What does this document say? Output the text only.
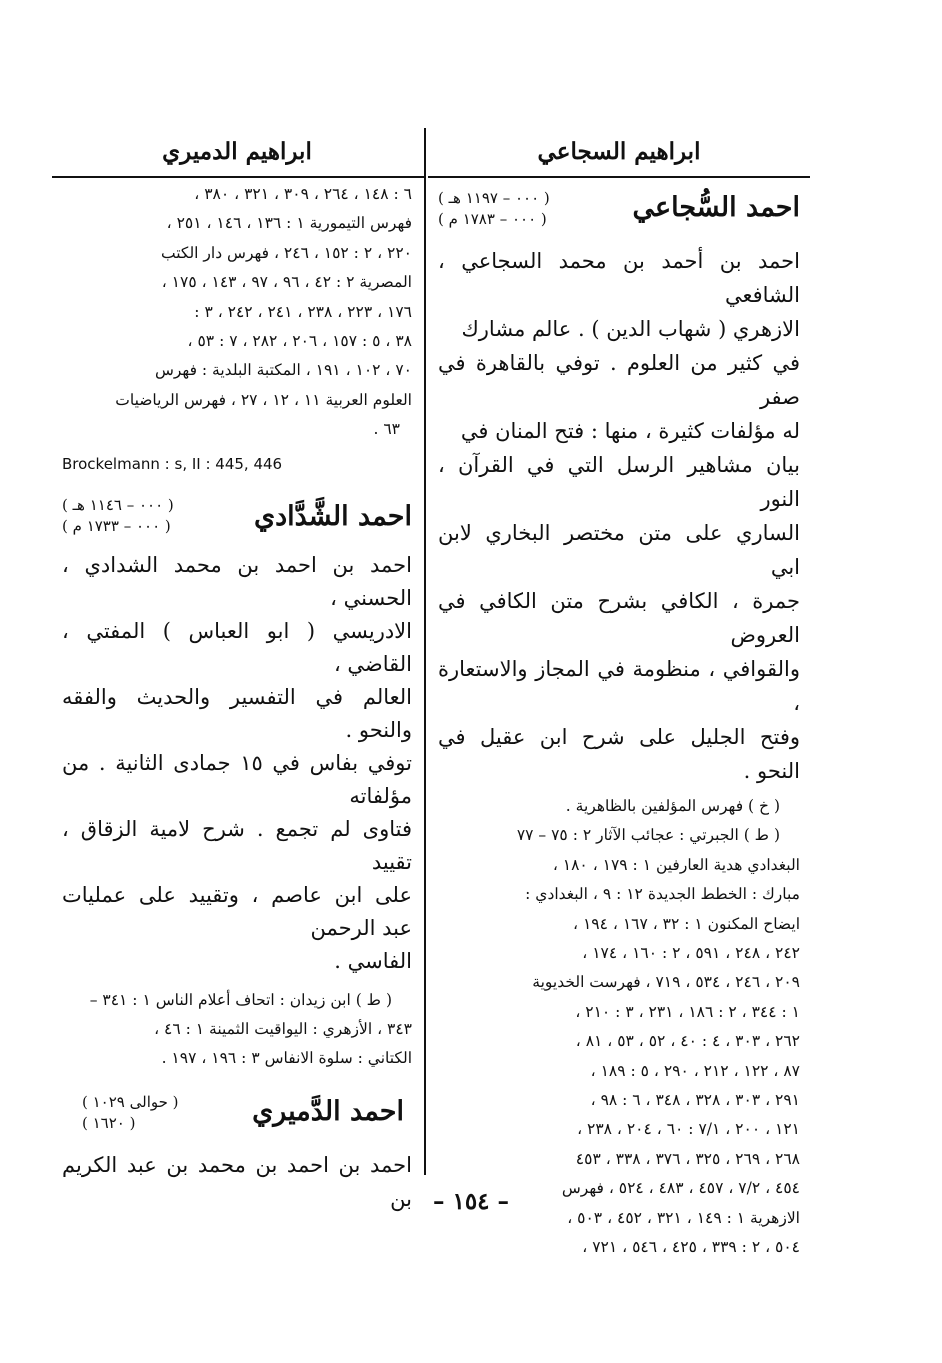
ابراهيم السجاعي
احمد السُّجاعي
( ٠٠٠ – ١١٩٧ هـ )
( ٠٠٠ – ١٧٨٣ م )
احمد بن أحمد بن محمد السجاعي ، الشافعي
الازهري ( شهاب الدين ) . عالم مشارك
في كثير من العلوم . توفي بالقاهرة في صفر
له مؤلفات كثيرة ، منها : فتح المنان في
بيان مشاهير الرسل التي في القرآن ، النور
الساري على متن مختصر البخاري لابن ابي
جمرة ، الكافي بشرح متن الكافي في العروض
والقوافي ، منظومة في المجاز والاستعارة ،
وفتح الجليل على شرح ابن عقيل في النحو .
( خ ) فهرس المؤلفين بالظاهرية .
( ط ) الجبرتي : عجائب الآثار ٢ : ٧٥ – ٧٧
البغدادي هدية العارفين ١ : ١٧٩ ، ١٨٠ ،
مبارك : الخطط الجديدة ١٢ : ٩ ، البغدادي :
ايضاح المكنون ١ : ٣٢ ، ١٦٧ ، ١٩٤ ،
٢٤٢ ، ٢٤٨ ، ٥٩١ ، ٢ : ١٦٠ ، ١٧٤ ،
٢٠٩ ، ٢٤٦ ، ٥٣٤ ، ٧١٩ ، فهرست الخديوية
١ : ٣٤٤ ، ٢ : ١٨٦ ، ٢٣١ ، ٣ : ٢١٠ ،
٢٦٢ ، ٣٠٣ ، ٤ : ٤٠ ، ٥٢ ، ٥٣ ، ٨١ ،
٨٧ ، ١٢٢ ، ٢١٢ ، ٢٩٠ ، ٥ : ١٨٩ ،
٢٩١ ، ٣٠٣ ، ٣٢٨ ، ٣٤٨ ، ٦ : ٩٨ ،
١٢١ ، ٢٠٠ ، ٧/١ : ٦٠ ، ٢٠٤ ، ٢٣٨ ،
٢٦٨ ، ٢٦٩ ، ٣٢٥ ، ٣٧٦ ، ٣٣٨ ، ٤٥٣
٤٥٤ ، ٧/٢ ، ٤٥٧ ، ٤٨٣ ، ٥٢٤ ، فهرس
الازهرية ١ : ١٤٩ ، ٣٢١ ، ٤٥٢ ، ٥٠٣ ،
٥٠٤ ، ٢ : ٣٣٩ ، ٤٢٥ ، ٥٤٦ ، ٧٢١ ،
ابراهيم الدميري
٦ : ١٤٨ ، ٢٦٤ ، ٣٠٩ ، ٣٢١ ، ٣٨٠ ،
فهرس التيمورية ١ : ١٣٦ ، ١٤٦ ، ٢٥١ ،
٢٢٠ ، ٢ : ١٥٢ ، ٢٤٦ ، فهرس دار الكتب
المصرية ٢ : ٤٢ ، ٩٦ ، ٩٧ ، ١٤٣ ، ١٧٥ ،
١٧٦ ، ٢٢٣ ، ٢٣٨ ، ٢٤١ ، ٢٤٢ ، ٣ :
٣٨ ، ٥ : ١٥٧ ، ٢٠٦ ، ٢٨٢ ، ٧ : ٥٣ ،
٧٠ ، ١٠٢ ، ١٩١ ، المكتبة البلدية : فهرس
العلوم العربية ١١ ، ١٢ ، ٢٧ ، فهرس الرياضيات
٦٣ .
Brockelmann : s, II : 445, 446
احمد الشَّدَّادي
( ٠٠٠ – ١١٤٦ هـ )
( ٠٠٠ – ١٧٣٣ م )
احمد بن احمد بن محمد الشدادي ، الحسني ،
الادريسي ( ابو العباس ) المفتي ، القاضي ،
العالم في التفسير والحديث والفقه والنحو .
توفي بفاس في ١٥ جمادى الثانية . من مؤلفاته
فتاوى لم تجمع . شرح لامية الزقاق ، تقييد
على ابن عاصم ، وتقييد على عمليات عبد الرحمن
الفاسي .
( ط ) ابن زيدان : اتحاف أعلام الناس ١ : ٣٤١ –
٣٤٣ ، الأزهري : اليواقيت الثمينة ١ : ٤٦ ،
الكتاني : سلوة الانفاس ٣ : ١٩٦ ، ١٩٧ .
احمد الدَّميري
( حوالى ١٠٢٩ )
( ١٦٢٠ )
احمد بن احمد بن محمد بن عبد الكريم بن – ١٥٤ –
